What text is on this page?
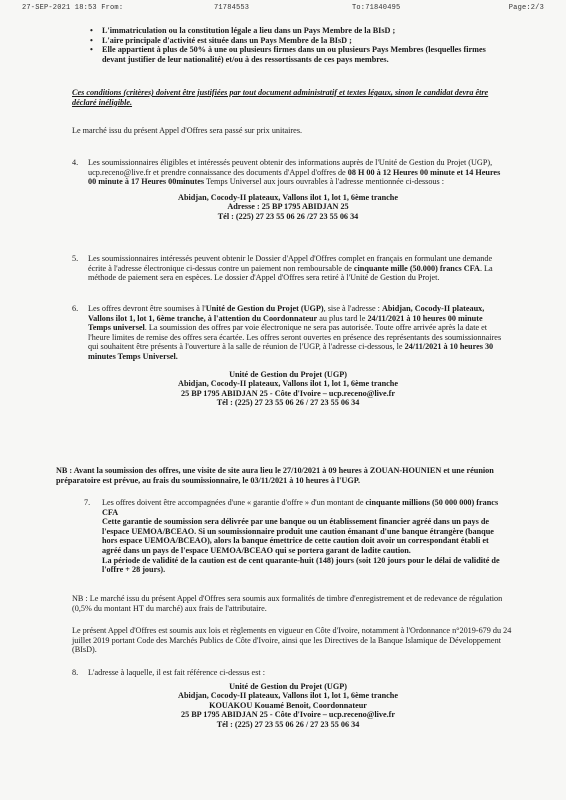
27-SEP-2021 18:53 From:	71784553	To:71840495	Page:2/3
• L'immatriculation ou la constitution légale a lieu dans un Pays Membre de la BIsD ;
• L'aire principale d'activité est située dans un Pays Membre de la BIsD ;
• Elle appartient à plus de 50% à une ou plusieurs firmes dans un ou plusieurs Pays Membres (lesquelles firmes devant justifier de leur nationalité) et/ou à des ressortissants de ces pays membres.
Ces conditions (critères) doivent être justifiées par tout document administratif et textes légaux, sinon le candidat devra être déclaré inéligible.
Le marché issu du présent Appel d'Offres sera passé sur prix unitaires.
4.	Les soumissionnaires éligibles et intéressés peuvent obtenir des informations auprès de l'Unité de Gestion du Projet (UGP), ucp.receno@live.fr et prendre connaissance des documents d'Appel d'offres de 08 H 00 à 12 Heures 00 minute et 14 Heures 00 minute à 17 Heures 00minutes Temps Universel aux jours ouvrables à l'adresse mentionnée ci-dessous :
Abidjan, Cocody-II plateaux, Vallons ilot 1, lot 1, 6ème tranche
Adresse : 25 BP 1795 ABIDJAN 25
Tél : (225) 27 23 55 06 26 /27 23 55 06 34
5.	Les soumissionnaires intéressés peuvent obtenir le Dossier d'Appel d'Offres complet en français en formulant une demande écrite à l'adresse électronique ci-dessus contre un paiement non remboursable de cinquante mille (50.000) francs CFA. La méthode de paiement sera en espèces. Le dossier d'Appel d'Offres sera retiré à l'Unité de Gestion du Projet.
6.	Les offres devront être soumises à l'Unité de Gestion du Projet (UGP), sise à l'adresse : Abidjan, Cocody-II plateaux, Vallons ilot 1, lot 1, 6ème tranche, à l'attention du Coordonnateur au plus tard le 24/11/2021 à 10 heures 00 minute Temps universel. La soumission des offres par voie électronique ne sera pas autorisée. Toute offre arrivée après la date et l'heure limites de remise des offres sera écartée. Les offres seront ouvertes en présence des représentants des soumissionnaires qui souhaitent être présents à l'ouverture à la salle de réunion de l'UGP, à l'adresse ci-dessous, le 24/11/2021 à 10 heures 30 minutes Temps Universel.
Unité de Gestion du Projet (UGP)
Abidjan, Cocody-II plateaux, Vallons ilot 1, lot 1, 6ème tranche
25 BP 1795 ABIDJAN 25 - Côte d'Ivoire – ucp.receno@live.fr
Tél : (225) 27 23 55 06 26 / 27 23 55 06 34
NB : Avant la soumission des offres, une visite de site aura lieu le 27/10/2021 à 09 heures à ZOUAN-HOUNIEN et une réunion préparatoire est prévue, au frais du soumissionnaire, le 03/11/2021 à 10 heures à l'UGP.
7.	Les offres doivent être accompagnées d'une « garantie d'offre » d'un montant de cinquante millions (50 000 000) francs CFA
Cette garantie de soumission sera délivrée par une banque ou un établissement financier agréé dans un pays de l'espace UEMOA/BCEAO. Si un soumissionnaire produit une caution émanant d'une banque étrangère (banque hors espace UEMOA/BCEAO), alors la banque émettrice de cette caution doit avoir un correspondant établi et agréé dans un pays de l'espace UEMOA/BCEAO qui se portera garant de ladite caution.
La période de validité de la caution est de cent quarante-huit (148) jours (soit 120 jours pour le délai de validité de l'offre + 28 jours).
NB : Le marché issu du présent Appel d'Offres sera soumis aux formalités de timbre d'enregistrement et de redevance de régulation (0,5% du montant HT du marché) aux frais de l'attributaire.
Le présent Appel d'Offres est soumis aux lois et règlements en vigueur en Côte d'Ivoire, notamment à l'Ordonnance n°2019-679 du 24 juillet 2019 portant Code des Marchés Publics de Côte d'Ivoire, ainsi que les Directives de la Banque Islamique de Développement (BIsD).
8.	L'adresse à laquelle, il est fait référence ci-dessus est :
Unité de Gestion du Projet (UGP)
Abidjan, Cocody-II plateaux, Vallons ilot 1, lot 1, 6ème tranche
KOUAKOU Kouamé Benoit, Coordonnateur
25 BP 1795 ABIDJAN 25 - Côte d'Ivoire – ucp.receno@live.fr
Tél : (225) 27 23 55 06 26 / 27 23 55 06 34
